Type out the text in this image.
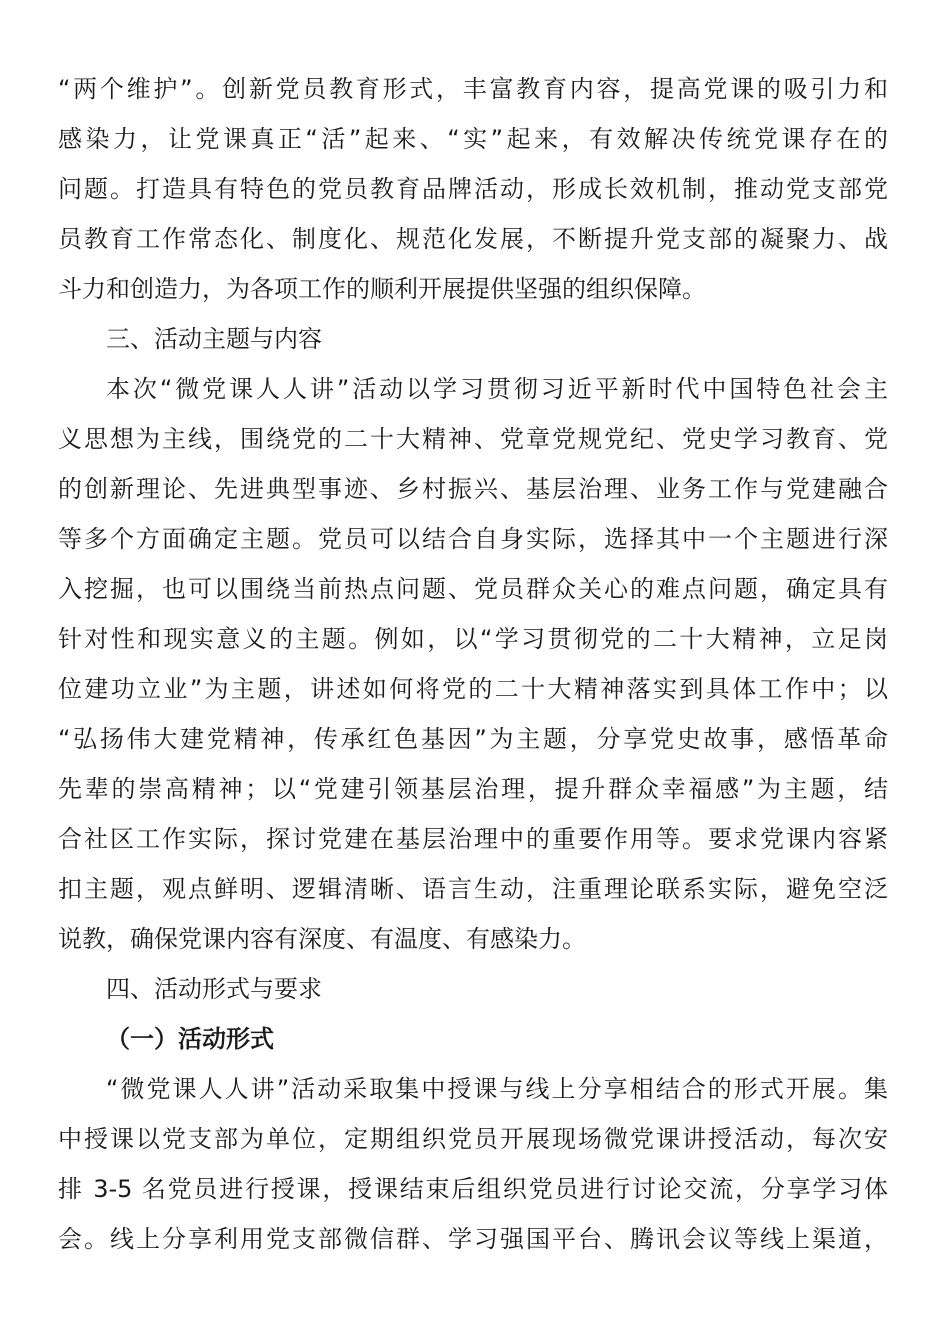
“两个维护”。创新党员教育形式，丰富教育内容，提高党课的吸引力和
感染力，让党课真正“活”起来、“实”起来，有效解决传统党课存在的
问题。打造具有特色的党员教育品牌活动，形成长效机制，推动党支部党
员教育工作常态化、制度化、规范化发展，不断提升党支部的凝聚力、战
斗力和创造力，为各项工作的顺利开展提供坚强的组织保障。
三、活动主题与内容
本次“微党课人人讲”活动以学习贯彻习近平新时代中国特色社会主
义思想为主线，围绕党的二十大精神、党章党规党纪、党史学习教育、党
的创新理论、先进典型事迹、乡村振兴、基层治理、业务工作与党建融合
等多个方面确定主题。党员可以结合自身实际，选择其中一个主题进行深
入挖掘，也可以围绕当前热点问题、党员群众关心的难点问题，确定具有
针对性和现实意义的主题。例如，以“学习贯彻党的二十大精神，立足岗
位建功立业”为主题，讲述如何将党的二十大精神落实到具体工作中；以
“弘扬伟大建党精神，传承红色基因”为主题，分享党史故事，感悟革命
先辈的崇高精神；以“党建引领基层治理，提升群众幸福感”为主题，结
合社区工作实际，探讨党建在基层治理中的重要作用等。要求党课内容紧
扣主题，观点鲜明、逻辑清晰、语言生动，注重理论联系实际，避免空泛
说教，确保党课内容有深度、有温度、有感染力。
四、活动形式与要求
（一）活动形式
“微党课人人讲”活动采取集中授课与线上分享相结合的形式开展。集
中授课以党支部为单位，定期组织党员开展现场微党课讲授活动，每次安
排 3-5 名党员进行授课，授课结束后组织党员进行讨论交流，分享学习体
会。线上分享利用党支部微信群、学习强国平台、腾讯会议等线上渠道，
